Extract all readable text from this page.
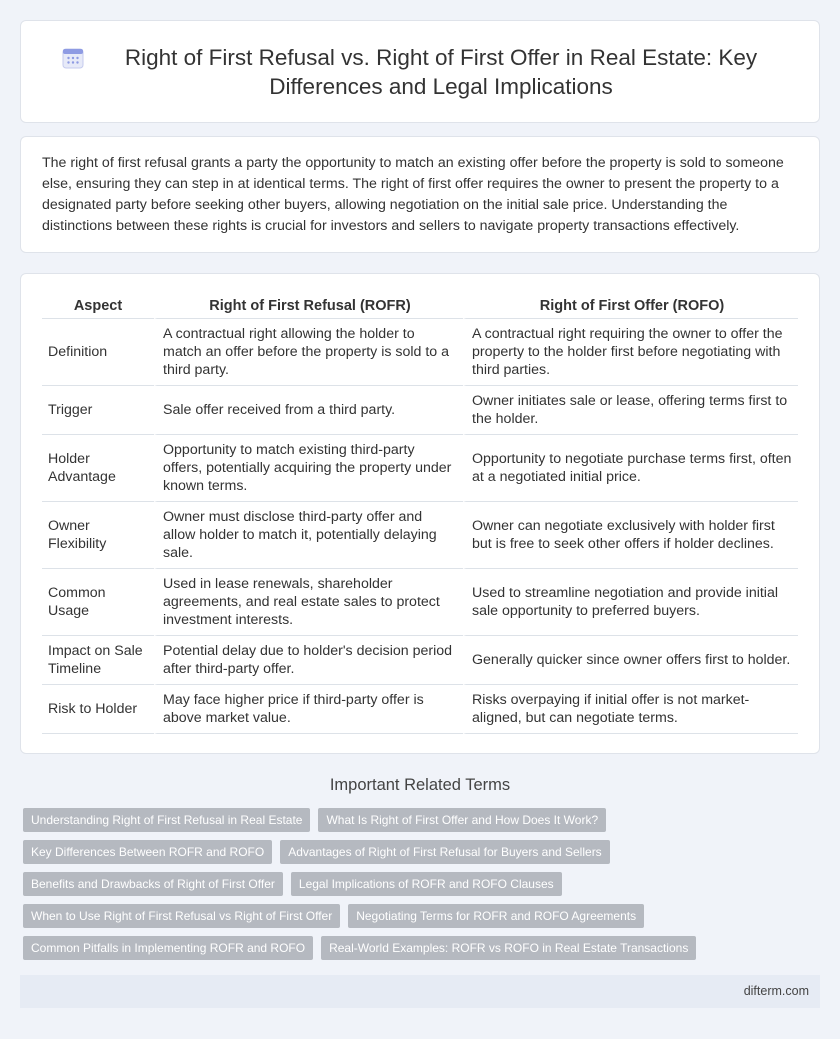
Right of First Refusal vs. Right of First Offer in Real Estate: Key Differences and Legal Implications

The right of first refusal grants a party the opportunity to match an existing offer before the property is sold to someone else, ensuring they can step in at identical terms. The right of first offer requires the owner to present the property to a designated party before seeking other buyers, allowing negotiation on the initial sale price. Understanding the distinctions between these rights is crucial for investors and sellers to navigate property transactions effectively.

Aspect	Right of First Refusal (ROFR)	Right of First Offer (ROFO)
Definition	A contractual right allowing the holder to match an offer before the property is sold to a third party.	A contractual right requiring the owner to offer the property to the holder first before negotiating with third parties.
Trigger	Sale offer received from a third party.	Owner initiates sale or lease, offering terms first to the holder.
Holder Advantage	Opportunity to match existing third-party offers, potentially acquiring the property under known terms.	Opportunity to negotiate purchase terms first, often at a negotiated initial price.
Owner Flexibility	Owner must disclose third-party offer and allow holder to match it, potentially delaying sale.	Owner can negotiate exclusively with holder first but is free to seek other offers if holder declines.
Common Usage	Used in lease renewals, shareholder agreements, and real estate sales to protect investment interests.	Used to streamline negotiation and provide initial sale opportunity to preferred buyers.
Impact on Sale Timeline	Potential delay due to holder's decision period after third-party offer.	Generally quicker since owner offers first to holder.
Risk to Holder	May face higher price if third-party offer is above market value.	Risks overpaying if initial offer is not market-aligned, but can negotiate terms.
Important Related Terms
Understanding Right of First Refusal in Real Estate	What Is Right of First Offer and How Does It Work?
Key Differences Between ROFR and ROFO	Advantages of Right of First Refusal for Buyers and Sellers
Benefits and Drawbacks of Right of First Offer	Legal Implications of ROFR and ROFO Clauses
When to Use Right of First Refusal vs Right of First Offer	Negotiating Terms for ROFR and ROFO Agreements
Common Pitfalls in Implementing ROFR and ROFO	Real-World Examples: ROFR vs ROFO in Real Estate Transactions
difterm.com
